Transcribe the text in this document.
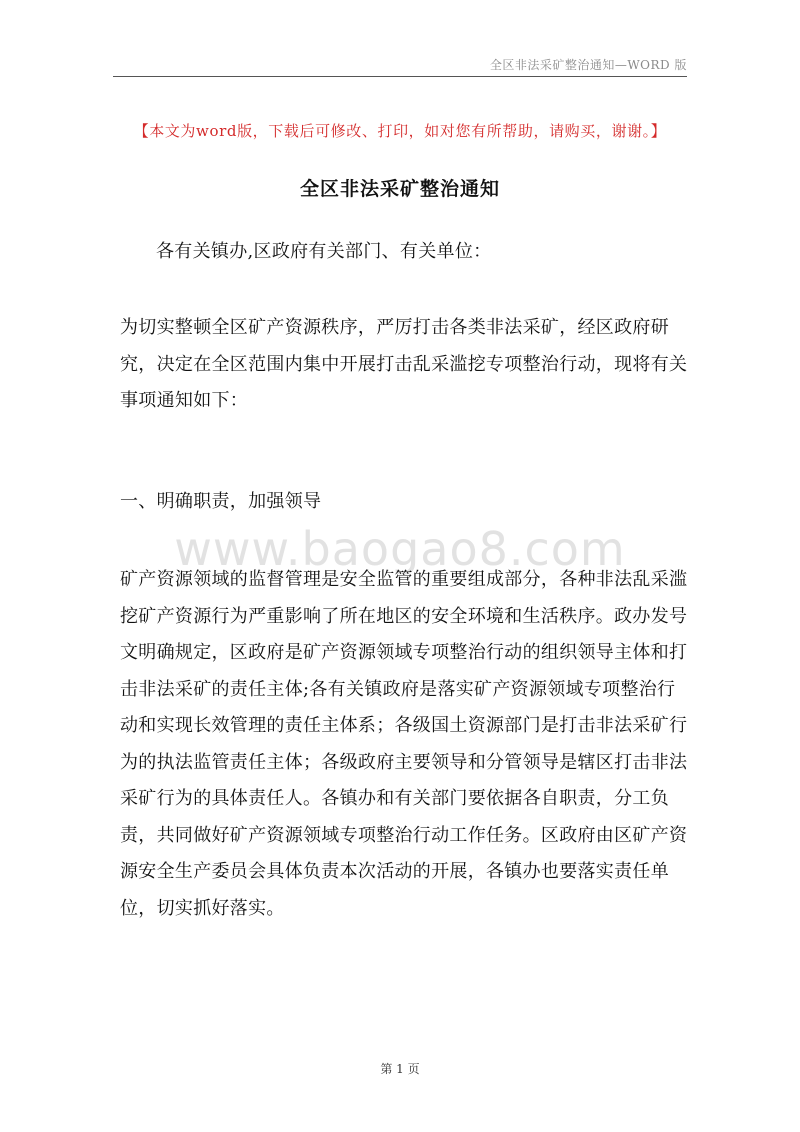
全区非法采矿整治通知—WORD 版
【本文为word版，下载后可修改、打印，如对您有所帮助，请购买，谢谢。】
全区非法采矿整治通知

各有关镇办,区政府有关部门、有关单位：

为切实整顿全区矿产资源秩序，严厉打击各类非法采矿，经区政府研究，决定在全区范围内集中开展打击乱采滥挖专项整治行动，现将有关事项通知如下：

一、明确职责，加强领导

www.baogao8.com

矿产资源领域的监督管理是安全监管的重要组成部分，各种非法乱采滥挖矿产资源行为严重影响了所在地区的安全环境和生活秩序。政办发号文明确规定，区政府是矿产资源领域专项整治行动的组织领导主体和打击非法采矿的责任主体;各有关镇政府是落实矿产资源领域专项整治行动和实现长效管理的责任主体系；各级国土资源部门是打击非法采矿行为的执法监管责任主体；各级政府主要领导和分管领导是辖区打击非法采矿行为的具体责任人。各镇办和有关部门要依据各自职责，分工负责，共同做好矿产资源领域专项整治行动工作任务。区政府由区矿产资源安全生产委员会具体负责本次活动的开展，各镇办也要落实责任单位，切实抓好落实。

第 1 页
